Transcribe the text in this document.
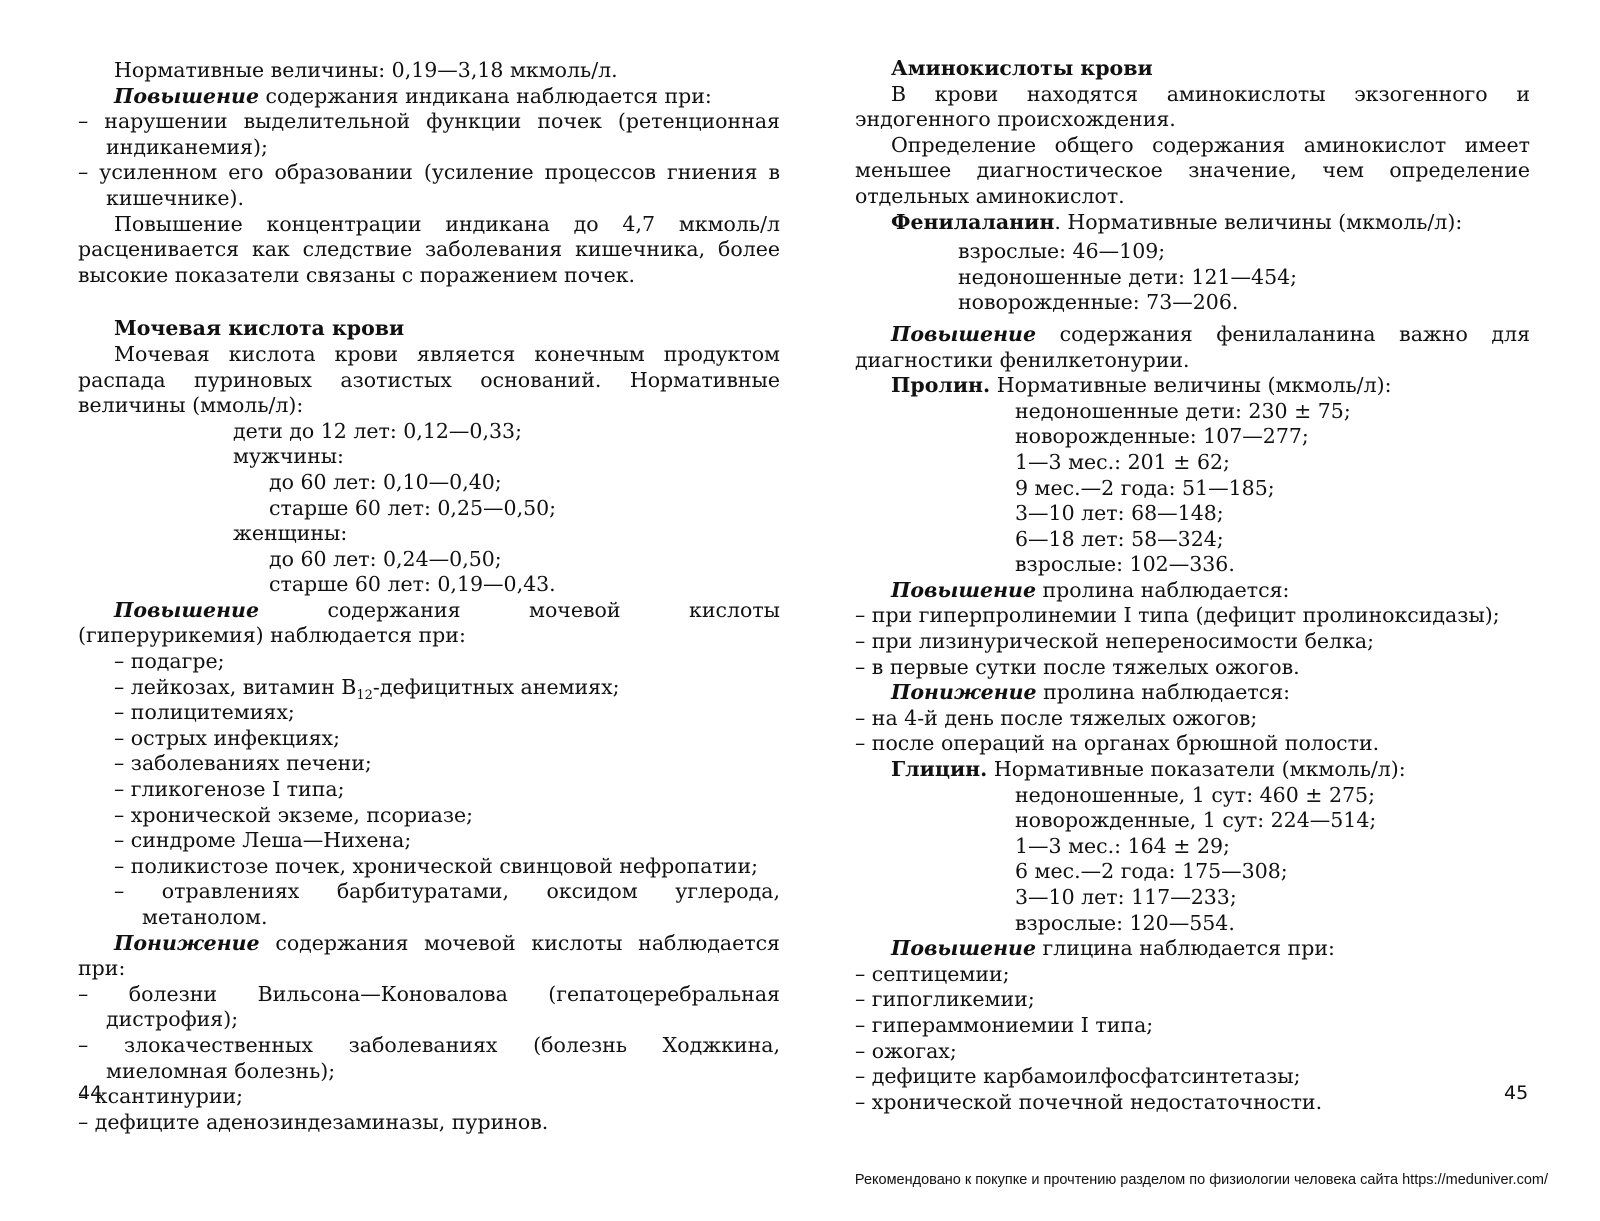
Нормативные величины: 0,19—3,18 мкмоль/л.

Повышение содержания индикана наблюдается при:

– нарушении выделительной функции почек (ретенционная индиканемия);

– усиленном его образовании (усиление процессов гниения в кишечнике).

Повышение концентрации индикана до 4,7 мкмоль/л расценивается как следствие заболевания кишечника, более высокие показатели связаны с поражением почек.

Мочевая кислота крови

Мочевая кислота крови является конечным продуктом распада пуриновых азотистых оснований. Нормативные величины (ммоль/л):

дети до 12 лет: 0,12—0,33;
мужчины:
до 60 лет: 0,10—0,40;
старше 60 лет: 0,25—0,50;
женщины:
до 60 лет: 0,24—0,50;
старше 60 лет: 0,19—0,43.

Повышение содержания мочевой кислоты (гиперурикемия) наблюдается при:

– подагре;

– лейкозах, витамин $В_{12}$-дефицитных анемиях;

– полицитемиях;

– острых инфекциях;

– заболеваниях печени;

– гликогенозе I типа;

– хронической экземе, псориазе;

– синдроме Леша—Нихена;

– поликистозе почек, хронической свинцовой нефропатии;

– отравлениях барбитуратами, оксидом углерода, метанолом.

Понижение содержания мочевой кислоты наблюдается при:

– болезни Вильсона—Коновалова (гепатоцеребральная дистрофия);

– злокачественных заболеваниях (болезнь Ходжкина, миеломная болезнь);

– ксантинурии;

– дефиците аденозиндезаминазы, пуринов.

44

Аминокислоты крови

В крови находятся аминокислоты экзогенного и эндогенного происхождения.

Определение общего содержания аминокислот имеет меньшее диагностическое значение, чем определение отдельных аминокислот.

Фенилаланин. Нормативные величины (мкмоль/л):

взрослые: 46—109;
недоношенные дети: 121—454;
новорожденные: 73—206.

Повышение содержания фенилаланина важно для диагностики фенилкетонурии.

Пролин. Нормативные величины (мкмоль/л):

недоношенные дети: 230 ± 75;
новорожденные: 107—277;
1—3 мес.: 201 ± 62;
9 мес.—2 года: 51—185;
3—10 лет: 68—148;
6—18 лет: 58—324;
взрослые: 102—336.

Повышение пролина наблюдается:

– при гиперпролинемии I типа (дефицит пролиноксидазы);

– при лизинурической непереносимости белка;

– в первые сутки после тяжелых ожогов.

Понижение пролина наблюдается:

– на 4-й день после тяжелых ожогов;

– после операций на органах брюшной полости.

Глицин. Нормативные показатели (мкмоль/л):

недоношенные, 1 сут: 460 ± 275;
новорожденные, 1 сут: 224—514;
1—3 мес.: 164 ± 29;
6 мес.—2 года: 175—308;
3—10 лет: 117—233;
взрослые: 120—554.

Повышение глицина наблюдается при:

– септицемии;

– гипогликемии;

– гипераммониемии I типа;

– ожогах;

– дефиците карбамоилфосфатсинтетазы;

– хронической почечной недостаточности.	45
Рекомендовано к покупке и прочтению разделом по физиологии человека сайта https://meduniver.com/
